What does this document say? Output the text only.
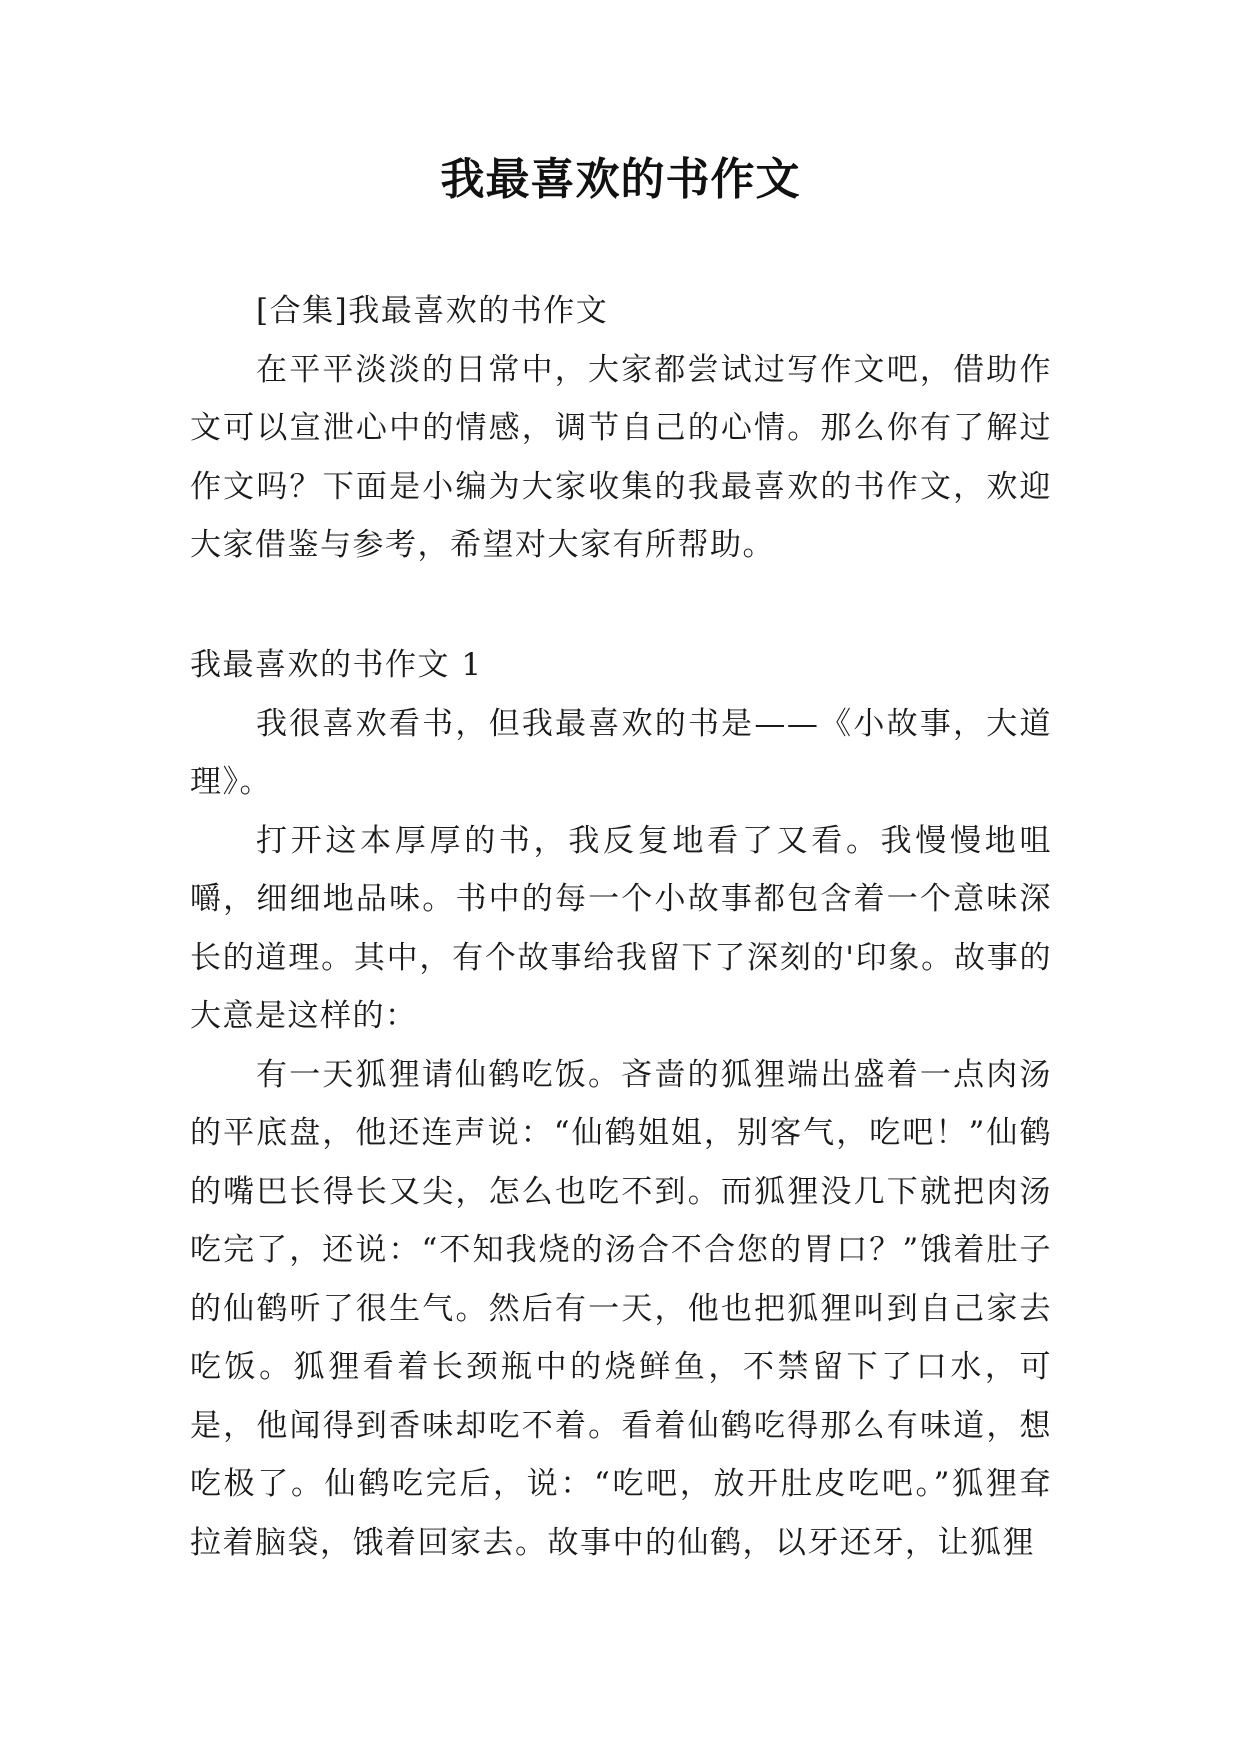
我最喜欢的书作文

[合集]我最喜欢的书作文

在平平淡淡的日常中，大家都尝试过写作文吧，借助作文可以宣泄心中的情感，调节自己的心情。那么你有了解过作文吗？下面是小编为大家收集的我最喜欢的书作文，欢迎大家借鉴与参考，希望对大家有所帮助。

我最喜欢的书作文 1

我很喜欢看书，但我最喜欢的书是——《小故事，大道理》。

打开这本厚厚的书，我反复地看了又看。我慢慢地咀嚼，细细地品味。书中的每一个小故事都包含着一个意味深长的道理。其中，有个故事给我留下了深刻的'印象。故事的大意是这样的：

有一天狐狸请仙鹤吃饭。吝啬的狐狸端出盛着一点肉汤的平底盘，他还连声说：“仙鹤姐姐，别客气，吃吧！”仙鹤的嘴巴长得长又尖，怎么也吃不到。而狐狸没几下就把肉汤吃完了，还说：“不知我烧的汤合不合您的胃口？”饿着肚子的仙鹤听了很生气。然后有一天，他也把狐狸叫到自己家去吃饭。狐狸看着长颈瓶中的烧鲜鱼，不禁留下了口水，可是，他闻得到香味却吃不着。看着仙鹤吃得那么有味道，想吃极了。仙鹤吃完后，说：“吃吧，放开肚皮吃吧。”狐狸耷拉着脑袋，饿着回家去。故事中的仙鹤，以牙还牙，让狐狸
